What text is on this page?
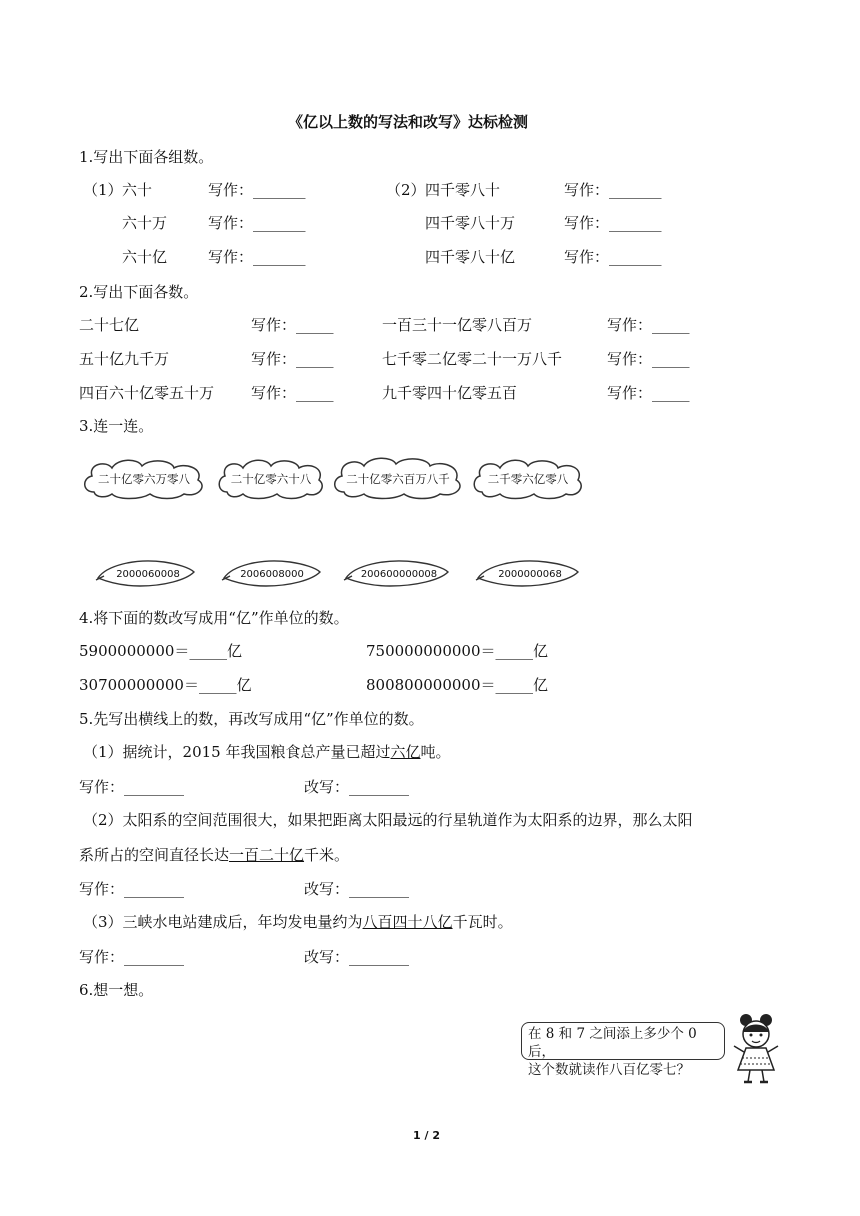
《亿以上数的写法和改写》达标检测
1.写出下面各组数。
（1） 六十	写作：_______	（2） 四千零八十	写作：_______
六十万	写作：_______	四千零八十万	写作：_______
六十亿	写作：_______	四千零八十亿	写作：_______
2.写出下面各数。
二十七亿	写作：_____	一百三十一亿零八百万	写作：_____
五十亿九千万	写作：_____	七千零二亿零二十一万八千	写作：_____
四百六十亿零五十万 写作：_____	九千零四十亿零五百	写作：_____
3.连一连。
二十亿零六万零八	二十亿零六十八	二十亿零六百万八千	二千零六亿零八
2000060008	2006008000	200600000008	2000000068
4.将下面的数改写成用“亿”作单位的数。
5900000000＝_____亿	750000000000＝_____亿
30700000000＝_____亿	800800000000＝_____亿
5.先写出横线上的数，再改写成用“亿”作单位的数。
（1）据统计，2015 年我国粮食总产量已超过六亿吨。
写作：________	改写：________
（2）太阳系的空间范围很大，如果把距离太阳最远的行星轨道作为太阳系的边界，那么太阳
系所占的空间直径长达一百二十亿千米。
写作：________	改写：________
（3）三峡水电站建成后，年均发电量约为八百四十八亿千瓦时。
写作：________	改写：________
6.想一想。
在 8 和 7 之间添上多少个 0 后，
这个数就读作八百亿零七？
1 / 2
